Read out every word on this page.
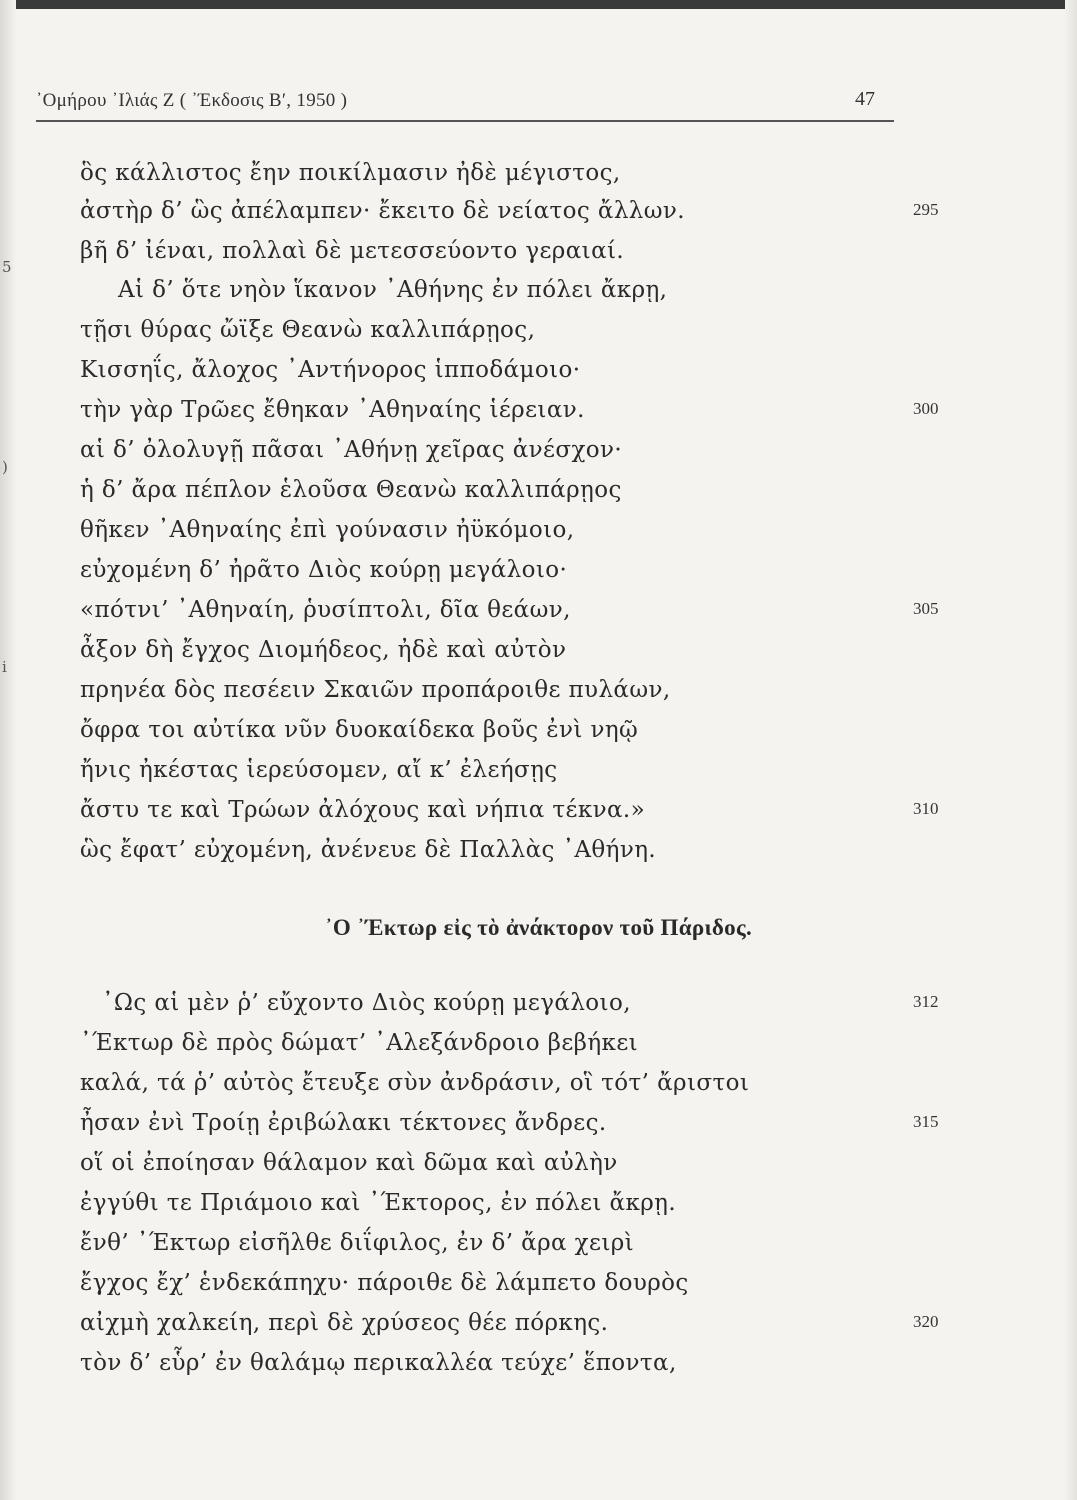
5
)
i
᾿Ομήρου ᾿Ιλιάς Ζ ( ᾿Έκδοσις Β′, 1950 )	47
ὃς κάλλιστος ἔην ποικίλμασιν ἠδὲ μέγιστος,
ἀστὴρ δ’ ὣς ἀπέλαμπεν· ἔκειτο δὲ νείατος ἄλλων.	295
βῆ δ’ ἰέναι, πολλαὶ δὲ μετεσσεύοντο γεραιαί.
Αἱ δ’ ὅτε νηὸν ἵκανον ᾿Αθήνης ἐν πόλει ἄκρῃ,
τῇσι θύρας ὤϊξε Θεανὼ καλλιπάρῃος,
Κισσηΐς, ἄλοχος ᾿Αντήνορος ἱπποδάμοιο·
τὴν γὰρ Τρῶες ἔθηκαν ᾿Αθηναίης ἱέρειαν.	300
αἱ δ’ ὀλολυγῇ πᾶσαι ᾿Αθήνῃ χεῖρας ἀνέσχον·
ἡ δ’ ἄρα πέπλον ἑλοῦσα Θεανὼ καλλιπάρῃος
θῆκεν ᾿Αθηναίης ἐπὶ γούνασιν ἠϋκόμοιο,
εὐχομένη δ’ ἠρᾶτο Διὸς κούρῃ μεγάλοιο·
«πότνι’ ᾿Αθηναίη, ῥυσίπτολι, δῖα θεάων,	305
ἆξον δὴ ἔγχος Διομήδεος, ἠδὲ καὶ αὐτὸν
πρηνέα δὸς πεσέειν Σκαιῶν προπάροιθε πυλάων,
ὄφρα τοι αὐτίκα νῦν δυοκαίδεκα βοῦς ἐνὶ νηῷ
ἤνις ἠκέστας ἱερεύσομεν, αἴ κ’ ἐλεήσῃς
ἄστυ τε καὶ Τρώων ἀλόχους καὶ νήπια τέκνα.»	310
ὣς ἔφατ’ εὐχομένη, ἀνένευε δὲ Παλλὰς ᾿Αθήνη.
᾿Ο ᾿Έκτωρ εἰς τὸ ἀνάκτορον τοῦ Πάριδος.
᾿Ως αἱ μὲν ῥ’ εὔχοντο Διὸς κούρῃ μεγάλοιο,	312
᾿Έκτωρ δὲ πρὸς δώματ’ ᾿Αλεξάνδροιο βεβήκει
καλά, τά ῥ’ αὐτὸς ἔτευξε σὺν ἀνδράσιν, οἳ τότ’ ἄριστοι
ἦσαν ἐνὶ Τροίῃ ἐριβώλακι τέκτονες ἄνδρες.	315
οἵ οἱ ἐποίησαν θάλαμον καὶ δῶμα καὶ αὐλὴν
ἐγγύθι τε Πριάμοιο καὶ ᾿Έκτορος, ἐν πόλει ἄκρῃ.
ἔνθ’ ᾿Έκτωρ εἰσῆλθε διΐφιλος, ἐν δ’ ἄρα χειρὶ
ἔγχος ἔχ’ ἑνδεκάπηχυ· πάροιθε δὲ λάμπετο δουρὸς
αἰχμὴ χαλκείη, περὶ δὲ χρύσεος θέε πόρκης.	320
τὸν δ’ εὗρ’ ἐν θαλάμῳ περικαλλέα τεύχε’ ἕποντα,
